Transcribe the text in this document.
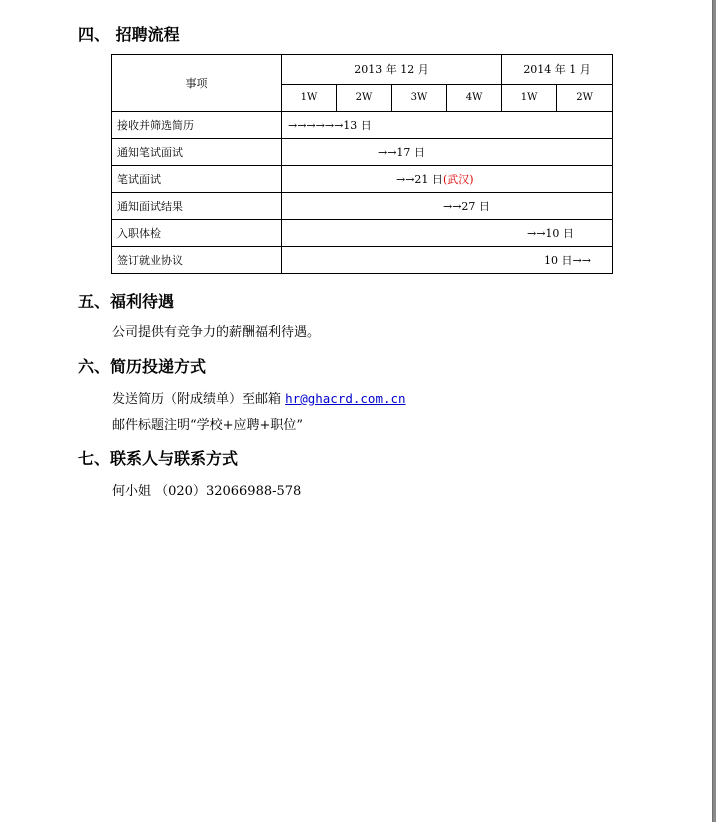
四、 招聘流程
事项	2013 年 12 月				2014 年 1 月	
	1W	2W	3W	4W	1W	2W
接收并筛选简历	→→→→→→13 日					
通知笔试面试	→→17 日					
笔试面试	→→21 日(武汉)					
通知面试结果	→→27 日					
入职体检	→→10 日					
签订就业协议	10 日→→					
五、福利待遇
公司提供有竞争力的薪酬福利待遇。
六、简历投递方式
发送简历（附成绩单）至邮箱 hr@ghacrd.com.cn
邮件标题注明“学校+应聘+职位”
七、联系人与联系方式
何小姐 （020）32066988-578
